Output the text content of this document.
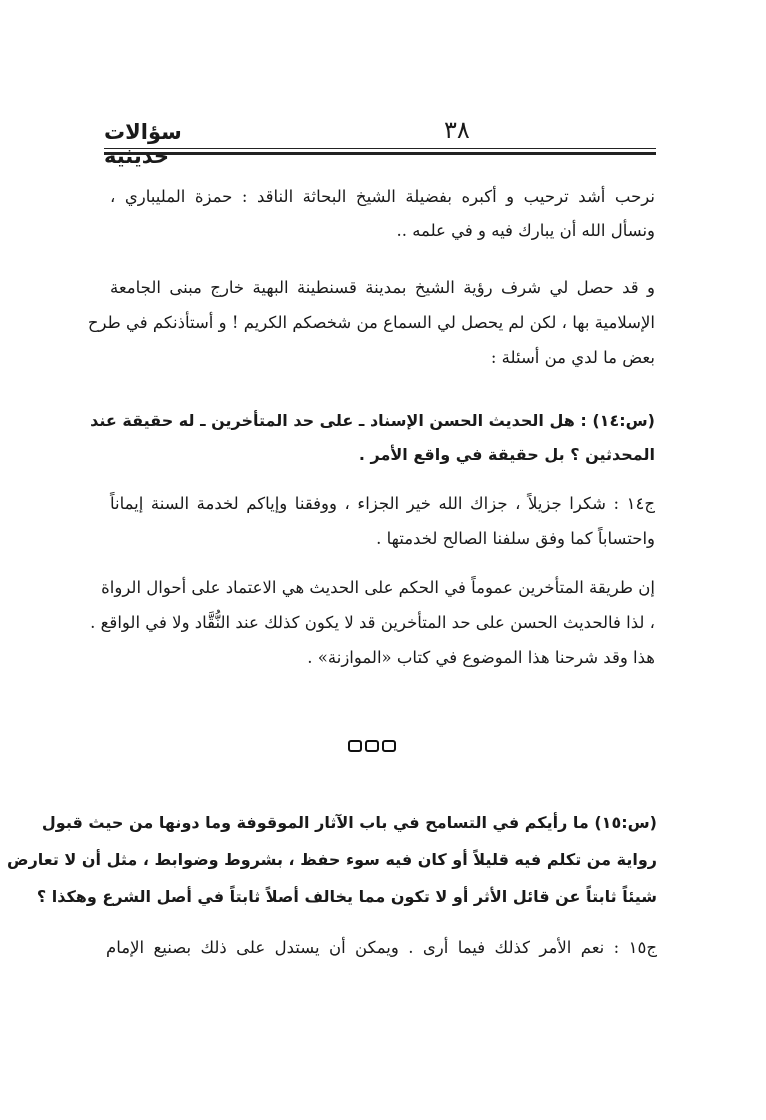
سؤالات حديثية
٣٨
نرحب أشد ترحيب و أكبره بفضيلة الشيخ البحاثة الناقد : حمزة المليباري ،
ونسأل الله أن يبارك فيه و في علمه ..
و قد حصل لي شرف رؤية الشيخ بمدينة قسنطينة البهية خارج مبنى الجامعة
الإسلامية بها ، لكن لم يحصل لي السماع من شخصكم الكريم ! و أستأذنكم في طرح
بعض ما لدي من أسئلة :
(س:١٤) : هل الحديث الحسن الإسناد ـ على حد المتأخرين ـ له حقيقة عند
المحدثين ؟ بل حقيقة في واقع الأمر .
ج١٤ : شكرا جزيلاً ، جزاك الله خير الجزاء ، ووفقنا وإياكم لخدمة السنة إيماناً
واحتساباً كما وفق سلفنا الصالح لخدمتها .
إن طريقة المتأخرين عموماً في الحكم على الحديث هي الاعتماد على أحوال الرواة
، لذا فالحديث الحسن على حد المتأخرين قد لا يكون كذلك عند النُّقَّاد ولا في الواقع .
هذا وقد شرحنا هذا الموضوع في كتاب «الموازنة» .
(س:١٥) ما رأيكم في التسامح في باب الآثار الموقوفة وما دونها من حيث قبول
رواية من تكلم فيه قليلاً أو كان فيه سوء حفظ ، بشروط وضوابط ، مثل أن لا تعارض
شيئاً ثابتاً عن قائل الأثر أو لا تكون مما يخالف أصلاً ثابتاً في أصل الشرع وهكذا ؟
ج١٥ : نعم الأمر كذلك فيما أرى . ويمكن أن يستدل على ذلك بصنيع الإمام
